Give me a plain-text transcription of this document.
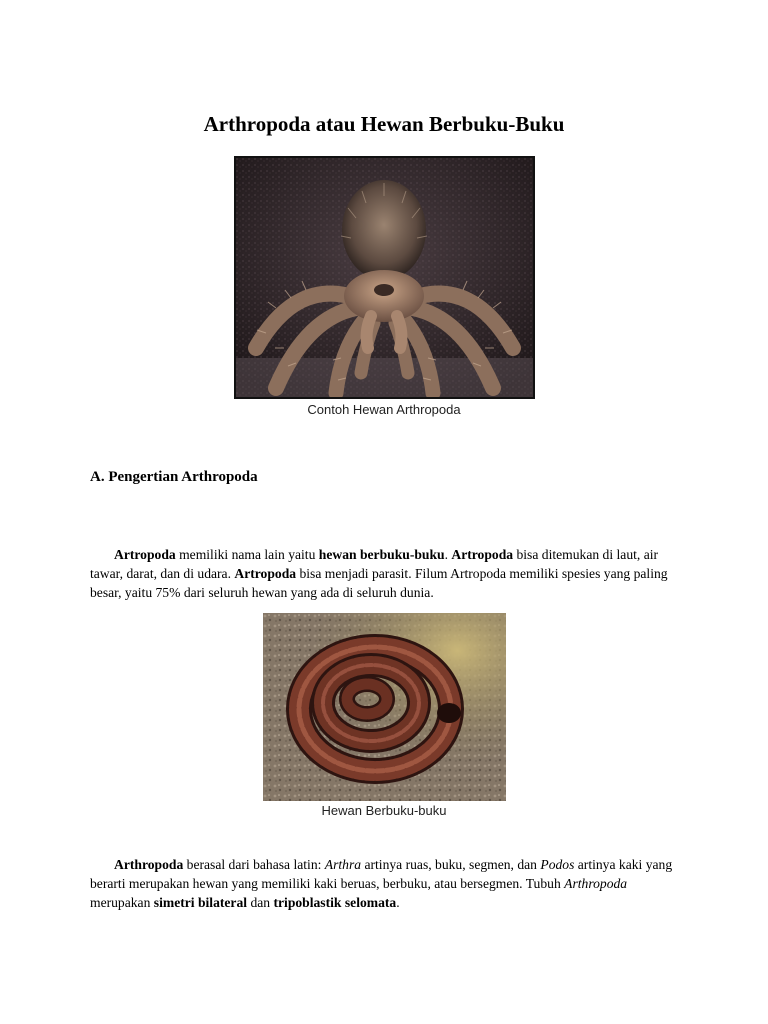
Arthropoda atau Hewan Berbuku-Buku

Contoh Hewan Arthropoda

A. Pengertian Arthropoda

Artropoda memiliki nama lain yaitu hewan berbuku-buku. Artropoda bisa ditemukan di laut, air tawar, darat, dan di udara. Artropoda bisa menjadi parasit. Filum Artropoda memiliki spesies yang paling besar, yaitu 75% dari seluruh hewan yang ada di seluruh dunia.

Hewan Berbuku-buku

Arthropoda berasal dari bahasa latin: Arthra artinya ruas, buku, segmen, dan Podos artinya kaki yang berarti merupakan hewan yang memiliki kaki beruas, berbuku, atau bersegmen. Tubuh Arthropoda merupakan simetri bilateral dan tripoblastik selomata.
